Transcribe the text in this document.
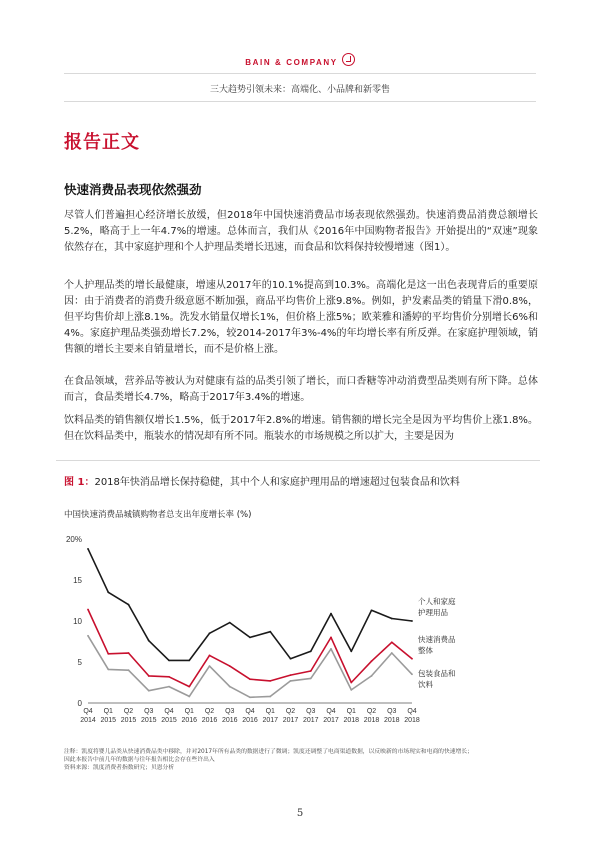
BAIN & COMPANY
三大趋势引领未来：高端化、小品牌和新零售
报告正文
快速消费品表现依然强劲
尽管人们普遍担心经济增长放缓，但2018年中国快速消费品市场表现依然强劲。快速消费品消费总额增长5.2%，略高于上一年4.7%的增速。总体而言，我们从《2016年中国购物者报告》开始提出的“双速”现象依然存在，其中家庭护理和个人护理品类增长迅速，而食品和饮料保持较慢增速（图1）。
个人护理品类的增长最健康，增速从2017年的10.1%提高到10.3%。高端化是这一出色表现背后的重要原因：由于消费者的消费升级意愿不断加强，商品平均售价上涨9.8%。例如，护发素品类的销量下滑0.8%，但平均售价却上涨8.1%。洗发水销量仅增长1%，但价格上涨5%；欧莱雅和潘婷的平均售价分别增长6%和4%。家庭护理品类强劲增长7.2%，较2014-2017年3%-4%的年均增长率有所反弹。在家庭护理领域，销售额的增长主要来自销量增长，而不是价格上涨。
在食品领域，营养品等被认为对健康有益的品类引领了增长，而口香糖等冲动消费型品类则有所下降。总体而言，食品类增长4.7%，略高于2017年3.4%的增速。
饮料品类的销售额仅增长1.5%，低于2017年2.8%的增速。销售额的增长完全是因为平均售价上涨1.8%。但在饮料品类中，瓶装水的情况却有所不同。瓶装水的市场规模之所以扩大，主要是因为
图 1：2018年快消品增长保持稳健，其中个人和家庭护理用品的增速超过包装食品和饮料
中国快速消费品城镇购物者总支出年度增长率 (%)
0
5
10
15
20%
Q4
2014
Q1
2015
Q2
2015
Q3
2015
Q4
2015
Q1
2016
Q2
2016
Q3
2016
Q4
2016
Q1
2017
Q2
2017
Q3
2017
Q4
2017
Q1
2018
Q2
2018
Q3
2018
Q4
2018
个人和家庭
护理用品
快速消费品
整体
包装食品和
饮料
注释：凯度将婴儿品类从快速消费品类中移除，并对2017年所有品类的数据进行了微调；凯度还调整了电商渠道数据，以反映新的市场现实和电商的快速增长；
因此本报告中前几年的数据与往年报告相比会存在些许出入
资料来源：凯度消费者指数研究；贝恩分析
5
